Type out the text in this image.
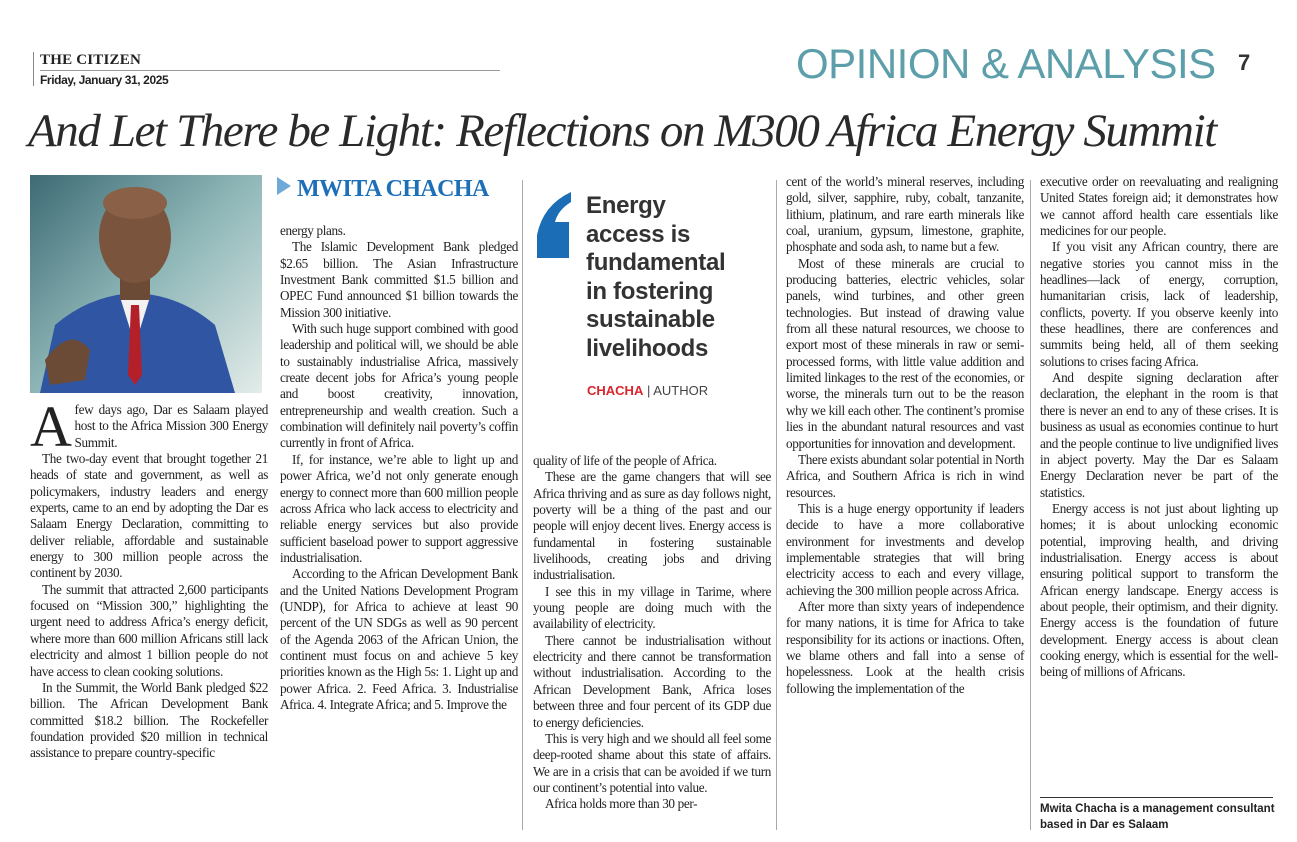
THE CITIZEN
Friday, January 31, 2025	OPINION & ANALYSIS 7
And Let There be Light: Reflections on M300 Africa Energy Summit
MWITA CHACHA

Afew days ago, Dar es Salaam played host to the Africa Mission 300 Energy Summit.

The two-day event that brought together 21 heads of state and government, as well as policymakers, industry leaders and energy experts, came to an end by adopting the Dar es Salaam Energy Declaration, committing to deliver reliable, affordable and sustainable energy to 300 million people across the continent by 2030.

The summit that attracted 2,600 participants focused on “Mission 300,” highlighting the urgent need to address Africa’s energy deficit, where more than 600 million Africans still lack electricity and almost 1 billion people do not have access to clean cooking solutions.

In the Summit, the World Bank pledged $22 billion. The African Development Bank committed $18.2 billion. The Rockefeller foundation provided $20 million in technical assistance to prepare country-specific

energy plans.

The Islamic Development Bank pledged $2.65 billion. The Asian Infrastructure Investment Bank committed $1.5 billion and OPEC Fund announced $1 billion towards the Mission 300 initiative.

With such huge support combined with good leadership and political will, we should be able to sustainably industrialise Africa, massively create decent jobs for Africa’s young people and boost creativity, innovation, entrepreneurship and wealth creation. Such a combination will definitely nail poverty’s coffin currently in front of Africa.

If, for instance, we’re able to light up and power Africa, we’d not only generate enough energy to connect more than 600 million people across Africa who lack access to electricity and reliable energy services but also provide sufficient baseload power to support aggressive industrialisation.

According to the African Development Bank and the United Nations Development Program (UNDP), for Africa to achieve at least 90 percent of the UN SDGs as well as 90 percent of the Agenda 2063 of the African Union, the continent must focus on and achieve 5 key priorities known as the High 5s: 1. Light up and power Africa. 2. Feed Africa. 3. Industrialise Africa. 4. Integrate Africa; and 5. Improve the

Energy
access is
fundamental
in fostering
sustainable
livelihoods
CHACHA | AUTHOR

quality of life of the people of Africa.

These are the game changers that will see Africa thriving and as sure as day follows night, poverty will be a thing of the past and our people will enjoy decent lives. Energy access is fundamental in fostering sustainable livelihoods, creating jobs and driving industrialisation.

I see this in my village in Tarime, where young people are doing much with the availability of electricity.

There cannot be industrialisation without electricity and there cannot be transformation without industrialisation. According to the African Development Bank, Africa loses between three and four percent of its GDP due to energy deficiencies.

This is very high and we should all feel some deep-rooted shame about this state of affairs. We are in a crisis that can be avoided if we turn our continent’s potential into value.

Africa holds more than 30 per-

cent of the world’s mineral reserves, including gold, silver, sapphire, ruby, cobalt, tanzanite, lithium, platinum, and rare earth minerals like coal, uranium, gypsum, limestone, graphite, phosphate and soda ash, to name but a few.

Most of these minerals are crucial to producing batteries, electric vehicles, solar panels, wind turbines, and other green technologies. But instead of drawing value from all these natural resources, we choose to export most of these minerals in raw or semi-processed forms, with little value addition and limited linkages to the rest of the economies, or worse, the minerals turn out to be the reason why we kill each other. The continent’s promise lies in the abundant natural resources and vast opportunities for innovation and development.

There exists abundant solar potential in North Africa, and Southern Africa is rich in wind resources.

This is a huge energy opportunity if leaders decide to have a more collaborative environment for investments and develop implementable strategies that will bring electricity access to each and every village, achieving the 300 million people across Africa.

After more than sixty years of independence for many nations, it is time for Africa to take responsibility for its actions or inactions. Often, we blame others and fall into a sense of hopelessness. Look at the health crisis following the implementation of the

executive order on reevaluating and realigning United States foreign aid; it demonstrates how we cannot afford health care essentials like medicines for our people.

If you visit any African country, there are negative stories you cannot miss in the headlines—lack of energy, corruption, humanitarian crisis, lack of leadership, conflicts, poverty. If you observe keenly into these headlines, there are conferences and summits being held, all of them seeking solutions to crises facing Africa.

And despite signing declaration after declaration, the elephant in the room is that there is never an end to any of these crises. It is business as usual as economies continue to hurt and the people continue to live undignified lives in abject poverty. May the Dar es Salaam Energy Declaration never be part of the statistics.

Energy access is not just about lighting up homes; it is about unlocking economic potential, improving health, and driving industrialisation. Energy access is about ensuring political support to transform the African energy landscape. Energy access is about people, their optimism, and their dignity. Energy access is the foundation of future development. Energy access is about clean cooking energy, which is essential for the well-being of millions of Africans.

Mwita Chacha is a management consultant based in Dar es Salaam
